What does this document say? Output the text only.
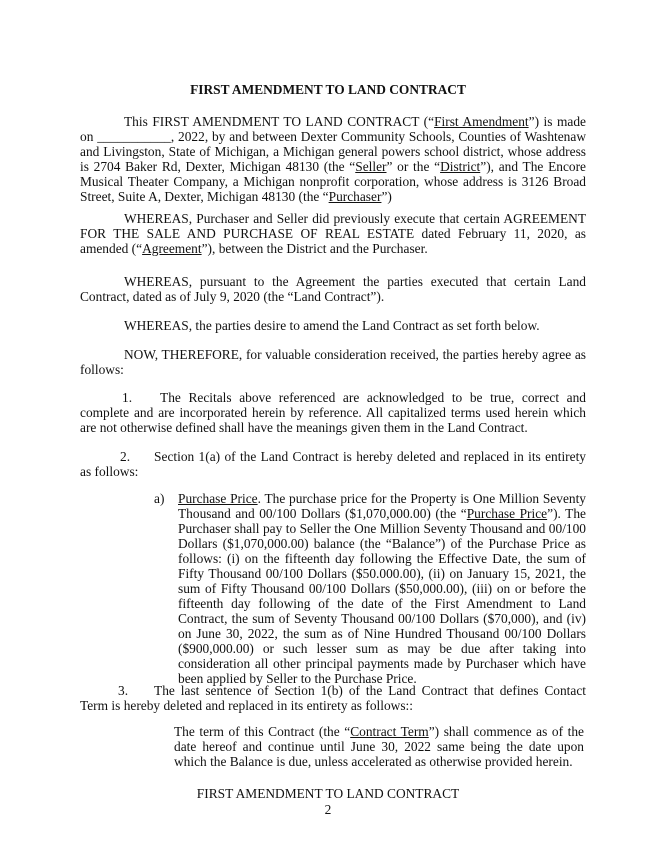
FIRST AMENDMENT TO LAND CONTRACT
This FIRST AMENDMENT TO LAND CONTRACT (“First Amendment”) is made on ___________, 2022, by and between Dexter Community Schools, Counties of Washtenaw and Livingston, State of Michigan, a Michigan general powers school district, whose address is 2704 Baker Rd, Dexter, Michigan 48130 (the “Seller” or the “District”), and The Encore Musical Theater Company, a Michigan nonprofit corporation, whose address is 3126 Broad Street, Suite A, Dexter, Michigan 48130 (the “Purchaser”)
WHEREAS, Purchaser and Seller did previously execute that certain AGREEMENT FOR THE SALE AND PURCHASE OF REAL ESTATE dated February 11, 2020, as amended (“Agreement”), between the District and the Purchaser.
WHEREAS, pursuant to the Agreement the parties executed that certain Land Contract, dated as of July 9, 2020 (the “Land Contract”).
WHEREAS, the parties desire to amend the Land Contract as set forth below.
NOW, THEREFORE, for valuable consideration received, the parties hereby agree as follows:
1. The Recitals above referenced are acknowledged to be true, correct and complete and are incorporated herein by reference. All capitalized terms used herein which are not otherwise defined shall have the meanings given them in the Land Contract.
2. Section 1(a) of the Land Contract is hereby deleted and replaced in its entirety as follows:
a) Purchase Price. The purchase price for the Property is One Million Seventy Thousand and 00/100 Dollars ($1,070,000.00) (the “Purchase Price”). The Purchaser shall pay to Seller the One Million Seventy Thousand and 00/100 Dollars ($1,070,000.00) balance (the “Balance”) of the Purchase Price as follows: (i) on the fifteenth day following the Effective Date, the sum of Fifty Thousand 00/100 Dollars ($50.000.00), (ii) on January 15, 2021, the sum of Fifty Thousand 00/100 Dollars ($50,000.00), (iii) on or before the fifteenth day following of the date of the First Amendment to Land Contract, the sum of Seventy Thousand 00/100 Dollars ($70,000), and (iv) on June 30, 2022, the sum as of Nine Hundred Thousand 00/100 Dollars ($900,000.00) or such lesser sum as may be due after taking into consideration all other principal payments made by Purchaser which have been applied by Seller to the Purchase Price.
3. The last sentence of Section 1(b) of the Land Contract that defines Contact Term is hereby deleted and replaced in its entirety as follows::
The term of this Contract (the “Contract Term”) shall commence as of the date hereof and continue until June 30, 2022 same being the date upon which the Balance is due, unless accelerated as otherwise provided herein.
FIRST AMENDMENT TO LAND CONTRACT
2
